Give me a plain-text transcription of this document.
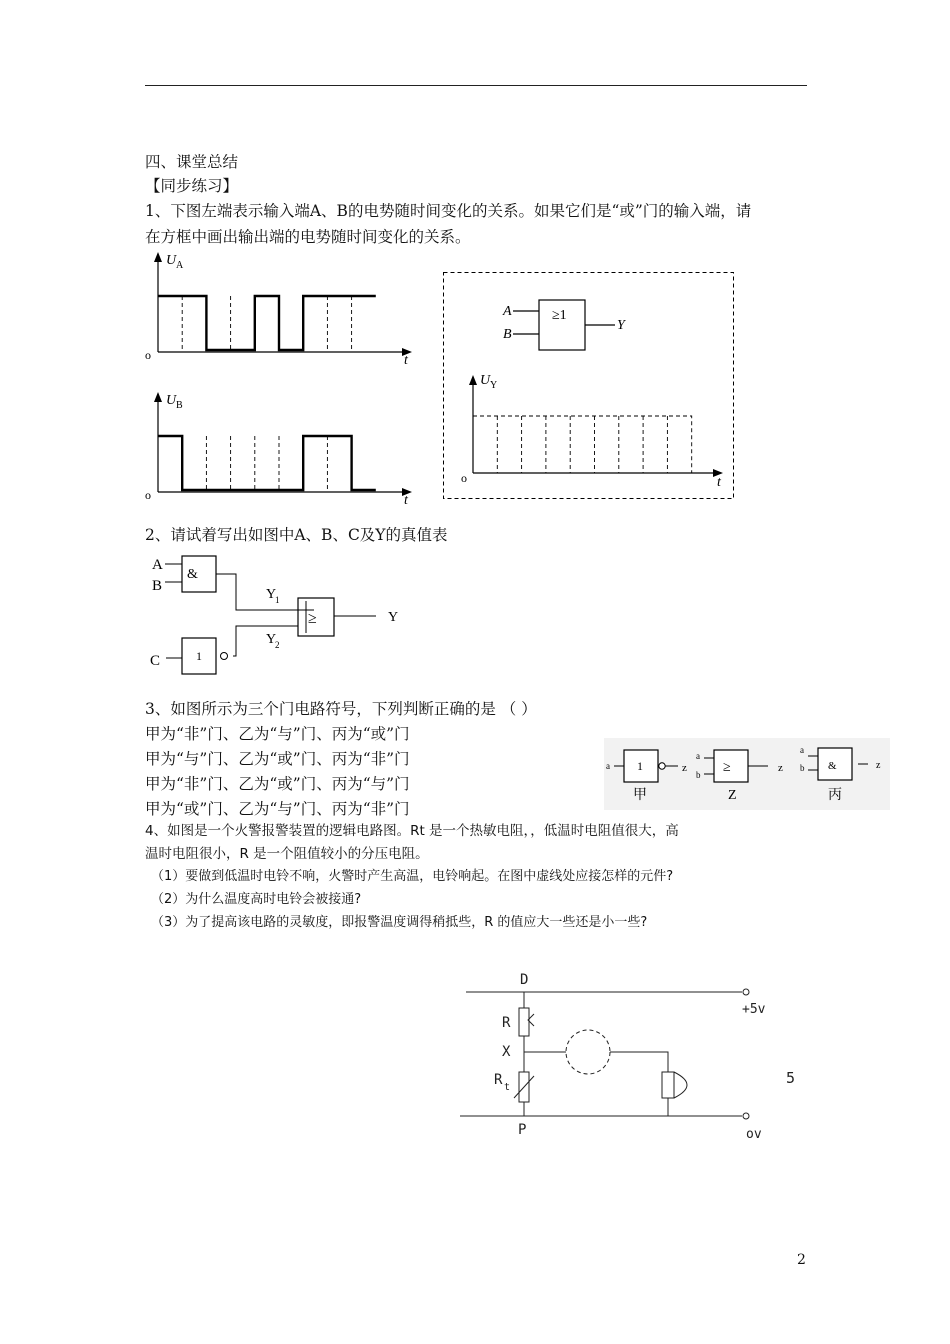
四、课堂总结
【同步练习】
1、下图左端表示输入端A、B的电势随时间变化的关系。如果它们是“或”门的输入端，请
在方框中画出输出端的电势随时间变化的关系。
U A
o	t
U B
o	t
A
B
≥1
Y
U Y
o	t
2、请试着写出如图中A、B、C及Y的真值表
A
B
&
Y
1
≥	Y
Y
2
C	1
3、如图所示为三个门电路符号，下列判断正确的是 （ ）
甲为“非”门、乙为“与”门、丙为“或”门
甲为“与”门、乙为“或”门、丙为“非”门
甲为“非”门、乙为“或”门、丙为“与”门
甲为“或”门、乙为“与”门、丙为“非”门
a 1	z
甲
a
b ≥	z
Z
a
b &	z
丙
4、如图是一个火警报警装置的逻辑电路图。Rt 是一个热敏电阻，，低温时电阻值很大，高
温时电阻很小，R 是一个阻值较小的分压电阻。
（1）要做到低温时电铃不响，火警时产生高温，电铃响起。在图中虚线处应接怎样的元件?
（2）为什么温度高时电铃会被接通?
（3）为了提高该电路的灵敏度，即报警温度调得稍抵些，R 的值应大一些还是小一些?
D
+5v
R
X
R t
P	ov
5
2
